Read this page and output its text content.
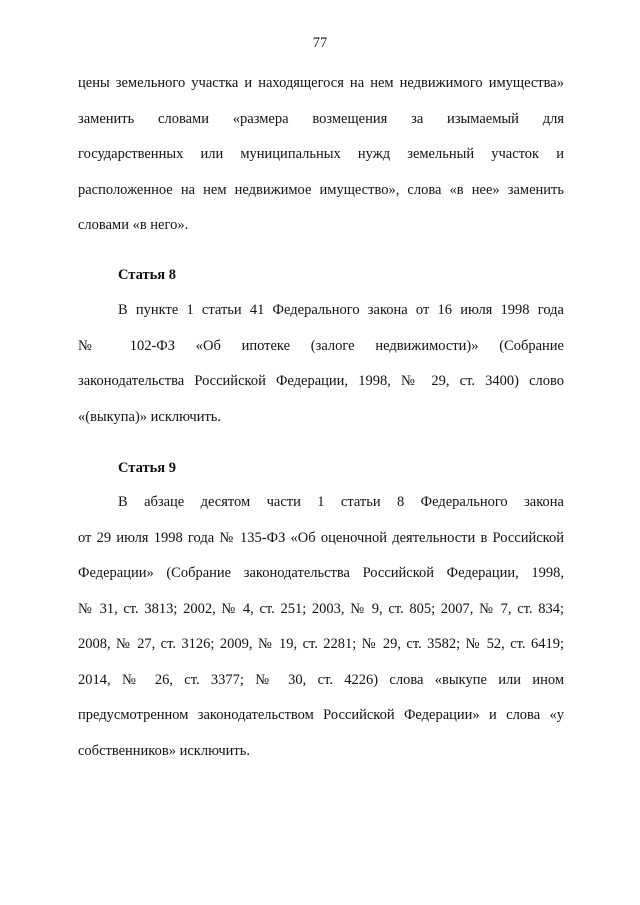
77
цены земельного участка и находящегося на нем недвижимого имущества»
заменить словами «размера возмещения за изымаемый для
государственных или муниципальных нужд земельный участок и
расположенное на нем недвижимое имущество», слова «в нее» заменить
словами «в него».
Статья 8
В пункте 1 статьи 41 Федерального закона от 16 июля 1998 года
№ 102-ФЗ «Об ипотеке (залоге недвижимости)» (Собрание
законодательства Российской Федерации, 1998, № 29, ст. 3400) слово
«(выкупа)» исключить.
Статья 9
В абзаце десятом части 1 статьи 8 Федерального закона
от 29 июля 1998 года № 135-ФЗ «Об оценочной деятельности в Российской
Федерации» (Собрание законодательства Российской Федерации, 1998,
№ 31, ст. 3813; 2002, № 4, ст. 251; 2003, № 9, ст. 805; 2007, № 7, ст. 834;
2008, № 27, ст. 3126; 2009, № 19, ст. 2281; № 29, ст. 3582; № 52, ст. 6419;
2014, № 26, ст. 3377; № 30, ст. 4226) слова «выкупе или ином
предусмотренном законодательством Российской Федерации» и слова «у
собственников» исключить.
